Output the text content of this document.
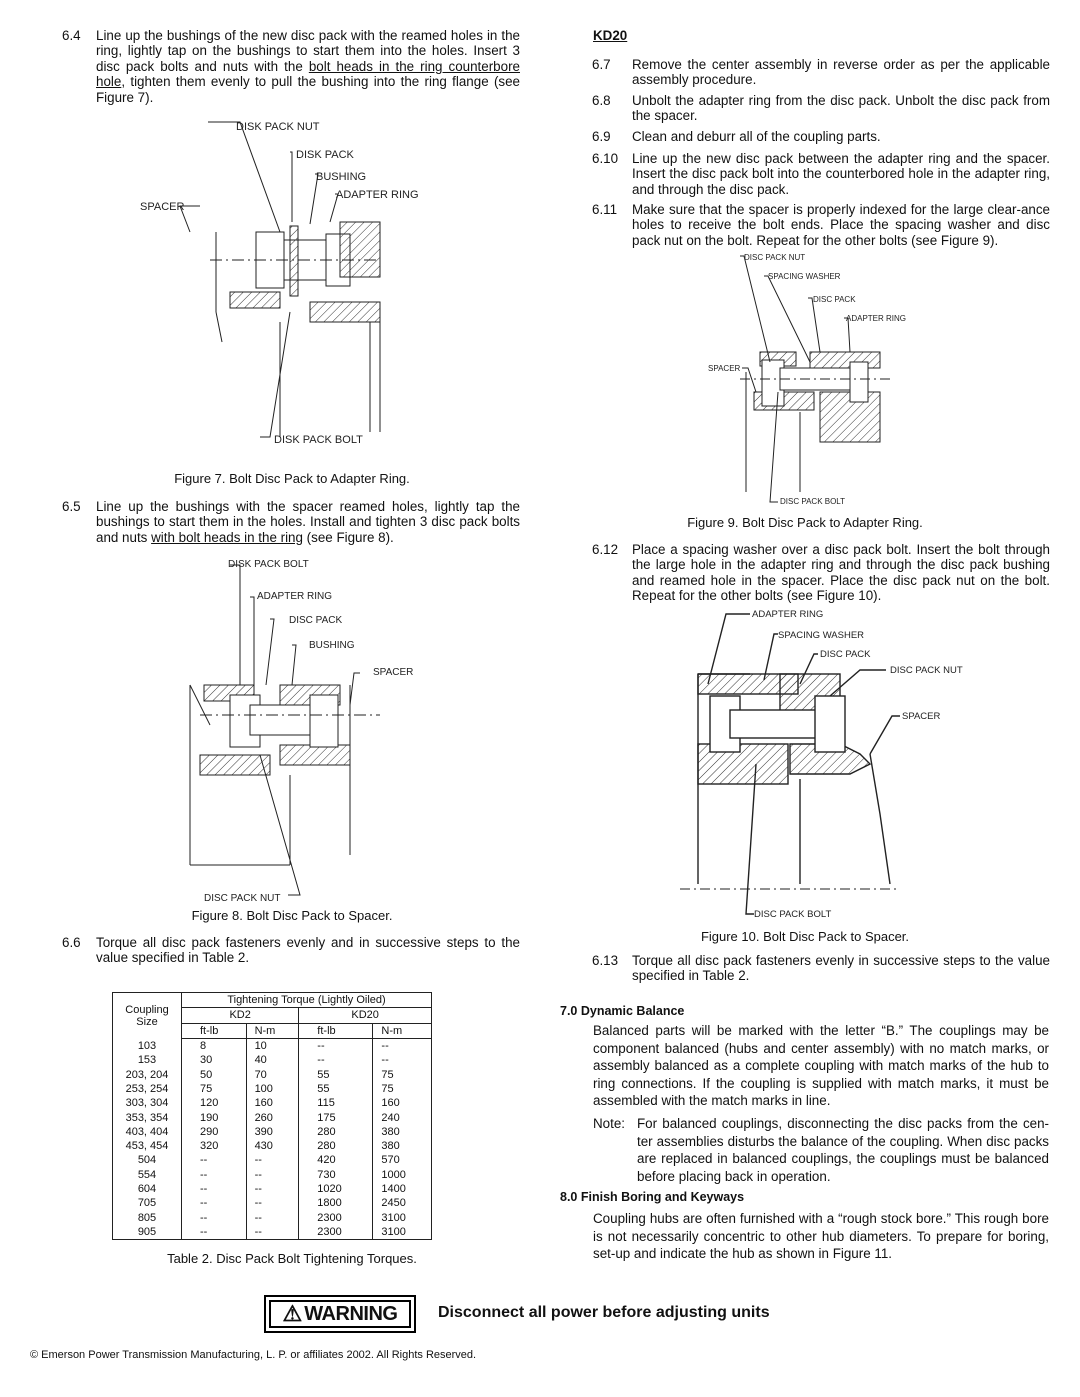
6.4	Line up the bushings of the new disc pack with the reamed holes in the ring, lightly tap on the bushings to start them into the holes. Insert 3 disc pack bolts and nuts with the bolt heads in the ring counterbore hole, tighten them evenly to pull the bushing into the ring flange (see Figure 7).
DISK PACK NUT
DISK PACK
BUSHING
ADAPTER RING
SPACER
DISK PACK BOLT
Figure 7. Bolt Disc Pack to Adapter Ring.
6.5	Line up the bushings with the spacer reamed holes, lightly tap the bushings to start them in the holes. Install and tighten 3 disc pack bolts and nuts with bolt heads in the ring (see Figure 8).
DISK PACK BOLT
ADAPTER RING
DISC PACK
BUSHING
SPACER
DISC PACK NUT
Figure 8. Bolt Disc Pack to Spacer.
6.6	Torque all disc pack fasteners evenly and in successive steps to the value specified in Table 2.
Coupling Size	Tightening Torque (Lightly Oiled)			
	KD2		KD20	
	ft-lb	N-m	ft-lb	N-m
103	8	10	--	--
153	30	40	--	--
203, 204	50	70	55	75
253, 254	75	100	55	75
303, 304	120	160	115	160
353, 354	190	260	175	240
403, 404	290	390	280	380
453, 454	320	430	280	380
504	--	--	420	570
554	--	--	730	1000
604	--	--	1020	1400
705	--	--	1800	2450
805	--	--	2300	3100
905	--	--	2300	3100
Table 2. Disc Pack Bolt Tightening Torques.
KD20
6.7	Remove the center assembly in reverse order as per the applicable assembly procedure.
6.8	Unbolt the adapter ring from the disc pack. Unbolt the disc pack from the spacer.
6.9	Clean and deburr all of the coupling parts.
6.10	Line up the new disc pack between the adapter ring and the spacer. Insert the disc pack bolt into the counterbored hole in the adapter ring, and through the disc pack.
6.11	Make sure that the spacer is properly indexed for the large clear-ance holes to receive the bolt ends. Place the spacing washer and disc pack nut on the bolt. Repeat for the other bolts (see Figure 9).
DISC PACK NUT
SPACING WASHER
DISC PACK
ADAPTER RING
SPACER
DISC PACK BOLT
Figure 9. Bolt Disc Pack to Adapter Ring.
6.12	Place a spacing washer over a disc pack bolt. Insert the bolt through the large hole in the adapter ring and through the disc pack bushing and reamed hole in the spacer. Place the disc pack nut on the bolt. Repeat for the other bolts (see Figure 10).
ADAPTER RING
SPACING WASHER
DISC PACK
DISC PACK NUT
SPACER
DISC PACK BOLT
Figure 10. Bolt Disc Pack to Spacer.
6.13	Torque all disc pack fasteners evenly in successive steps to the value specified in Table 2.
7.0 Dynamic Balance
Balanced parts will be marked with the letter “B.” The couplings may be component balanced (hubs and center assembly) with no match marks, or assembly balanced as a complete coupling with match marks of the hub to ring connections. If the coupling is supplied with match marks, it must be assembled with the match marks in line.
Note: For balanced couplings, disconnecting the disc packs from the cen-ter assemblies disturbs the balance of the coupling. When disc packs are replaced in balanced couplings, the couplings must be balanced before placing back in operation.
8.0 Finish Boring and Keyways
Coupling hubs are often furnished with a “rough stock bore.” This rough bore is not necessarily concentric to other hub diameters. To prepare for boring, set-up and indicate the hub as shown in Figure 11.
⚠ WARNING	Disconnect all power before adjusting units
© Emerson Power Transmission Manufacturing, L. P. or affiliates 2002. All Rights Reserved.
